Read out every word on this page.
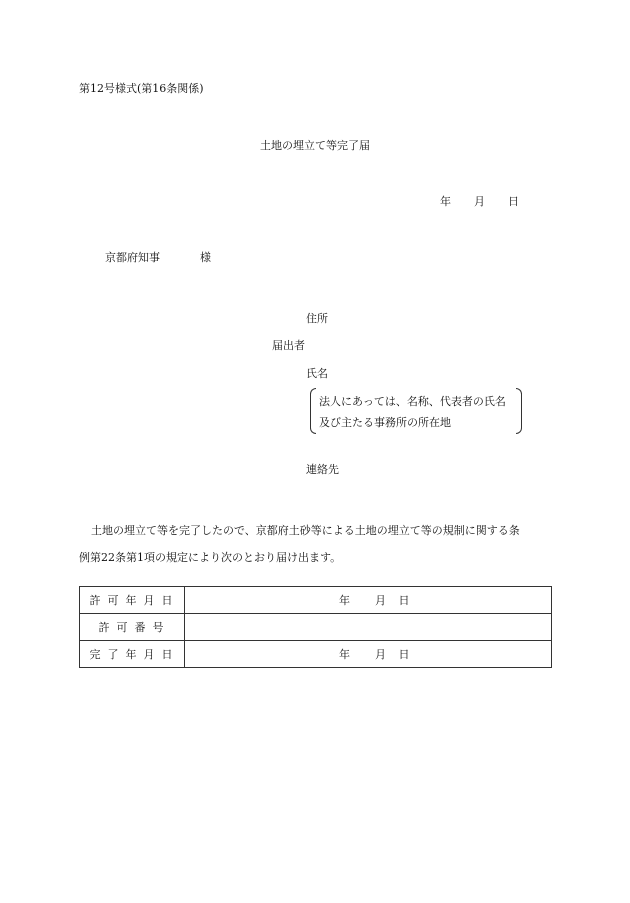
第12号様式(第16条関係)
土地の埋立て等完了届
年 月 日
京都府知事	様
住所
届出者
氏名
法人にあっては、名称、代表者の氏名
及び主たる事務所の所在地
連絡先

土地の埋立て等を完了したので、京都府土砂等による土地の埋立て等の規制に関する条

例第22条第1項の規定により次のとおり届け出ます。

許可年月日	年 月 日
許可番号	
完了年月日	年 月 日
